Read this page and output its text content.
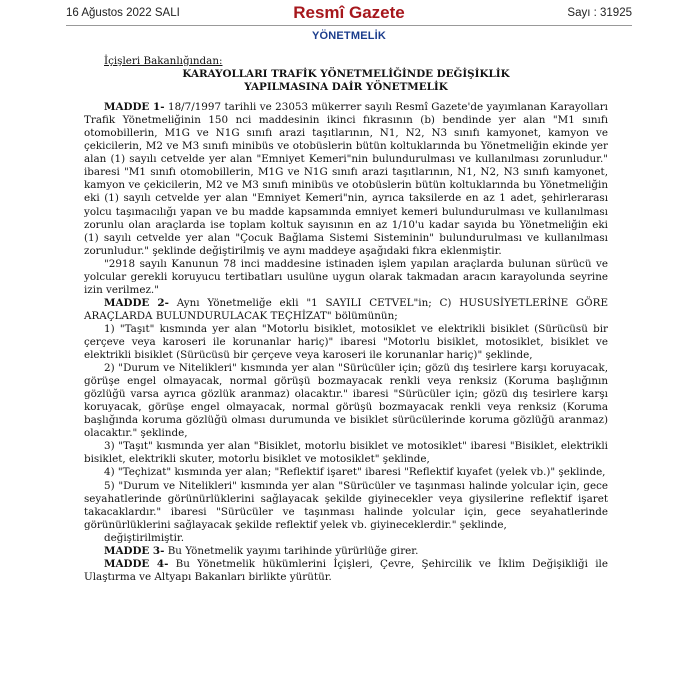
16 Ağustos 2022 SALI	Resmî Gazete	Sayı : 31925
YÖNETMELİK

İçişleri Bakanlığından:

KARAYOLLARI TRAFİK YÖNETMELİĞİNDE DEĞİŞİKLİK

YAPILMASINA DAİR YÖNETMELİK

MADDE 1- 18/7/1997 tarihli ve 23053 mükerrer sayılı Resmî Gazete'de yayımlanan Karayolları Trafik Yönetmeliğinin 150 nci maddesinin ikinci fıkrasının (b) bendinde yer alan "M1 sınıfı otomobillerin, M1G ve N1G sınıfı arazi taşıtlarının, N1, N2, N3 sınıfı kamyonet, kamyon ve çekicilerin, M2 ve M3 sınıfı minibüs ve otobüslerin bütün koltuklarında bu Yönetmeliğin ekinde yer alan (1) sayılı cetvelde yer alan "Emniyet Kemeri"nin bulundurulması ve kullanılması zorunludur." ibaresi "M1 sınıfı otomobillerin, M1G ve N1G sınıfı arazi taşıtlarının, N1, N2, N3 sınıfı kamyonet, kamyon ve çekicilerin, M2 ve M3 sınıfı minibüs ve otobüslerin bütün koltuklarında bu Yönetmeliğin eki (1) sayılı cetvelde yer alan "Emniyet Kemeri"nin, ayrıca taksilerde en az 1 adet, şehirlerarası yolcu taşımacılığı yapan ve bu madde kapsamında emniyet kemeri bulundurulması ve kullanılması zorunlu olan araçlarda ise toplam koltuk sayısının en az 1/10'u kadar sayıda bu Yönetmeliğin eki (1) sayılı cetvelde yer alan "Çocuk Bağlama Sistemi Sisteminin" bulundurulması ve kullanılması zorunludur." şeklinde değiştirilmiş ve aynı maddeye aşağıdaki fıkra eklenmiştir.

"2918 sayılı Kanunun 78 inci maddesine istinaden işlem yapılan araçlarda bulunan sürücü ve yolcular gerekli koruyucu tertibatları usulüne uygun olarak takmadan aracın karayolunda seyrine izin verilmez."

MADDE 2- Aynı Yönetmeliğe ekli "1 SAYILI CETVEL"in; C) HUSUSİYETLERİNE GÖRE ARAÇLARDA BULUNDURULACAK TEÇHİZAT" bölümünün;

1) "Taşıt" kısmında yer alan "Motorlu bisiklet, motosiklet ve elektrikli bisiklet (Sürücüsü bir çerçeve veya karoseri ile korunanlar hariç)" ibaresi "Motorlu bisiklet, motosiklet, bisiklet ve elektrikli bisiklet (Sürücüsü bir çerçeve veya karoseri ile korunanlar hariç)" şeklinde,

2) "Durum ve Nitelikleri" kısmında yer alan "Sürücüler için; gözü dış tesirlere karşı koruyacak, görüşe engel olmayacak, normal görüşü bozmayacak renkli veya renksiz (Koruma başlığının gözlüğü varsa ayrıca gözlük aranmaz) olacaktır." ibaresi "Sürücüler için; gözü dış tesirlere karşı koruyacak, görüşe engel olmayacak, normal görüşü bozmayacak renkli veya renksiz (Koruma başlığında koruma gözlüğü olması durumunda ve bisiklet sürücülerinde koruma gözlüğü aranmaz) olacaktır." şeklinde,

3) "Taşıt" kısmında yer alan "Bisiklet, motorlu bisiklet ve motosiklet" ibaresi "Bisiklet, elektrikli bisiklet, elektrikli skuter, motorlu bisiklet ve motosiklet" şeklinde,

4) "Teçhizat" kısmında yer alan; "Reflektif işaret" ibaresi "Reflektif kıyafet (yelek vb.)" şeklinde,

5) "Durum ve Nitelikleri" kısmında yer alan "Sürücüler ve taşınması halinde yolcular için, gece seyahatlerinde görünürlüklerini sağlayacak şekilde giyinecekler veya giysilerine reflektif işaret takacaklardır." ibaresi "Sürücüler ve taşınması halinde yolcular için, gece seyahatlerinde görünürlüklerini sağlayacak şekilde reflektif yelek vb. giyineceklerdir." şeklinde,

değiştirilmiştir.

MADDE 3- Bu Yönetmelik yayımı tarihinde yürürlüğe girer.

MADDE 4- Bu Yönetmelik hükümlerini İçişleri, Çevre, Şehircilik ve İklim Değişikliği ile Ulaştırma ve Altyapı Bakanları birlikte yürütür.
